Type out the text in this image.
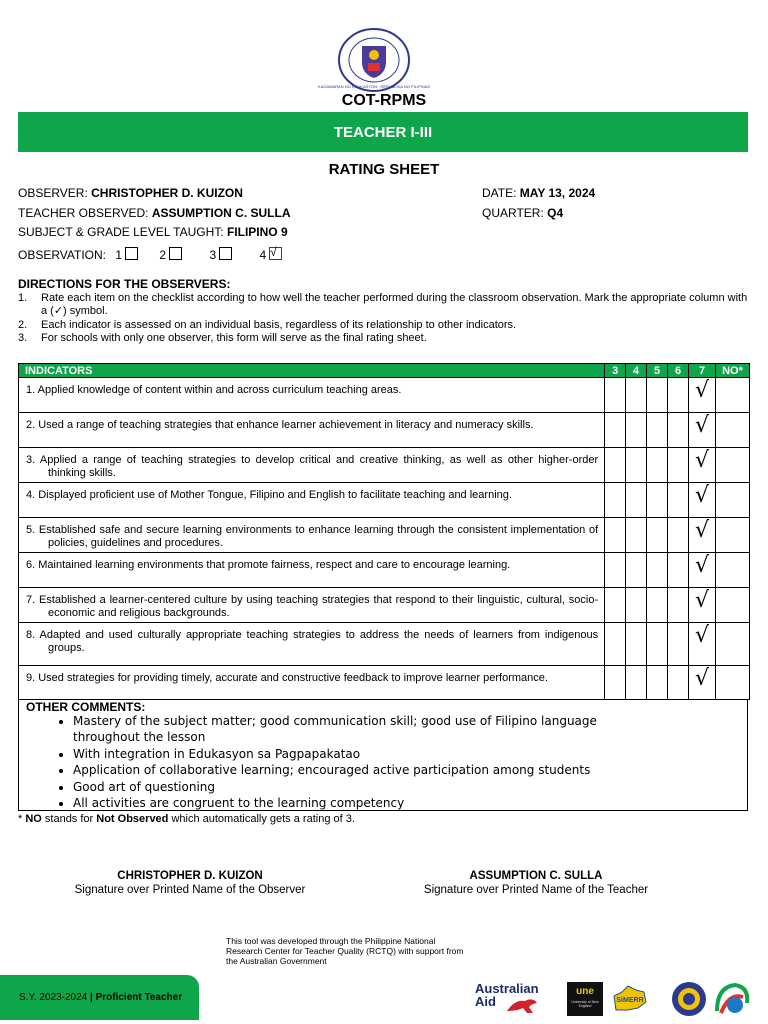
KAGAWARAN NG EDUKASYON · REPUBLIKA NG PILIPINAS
COT-RPMS
TEACHER I-III
RATING SHEET
OBSERVER: CHRISTOPHER D. KUIZON	DATE: MAY 13, 2024
TEACHER OBSERVED: ASSUMPTION C. SULLA	QUARTER: Q4
SUBJECT & GRADE LEVEL TAUGHT: FILIPINO 9
OBSERVATION: 1	2	3	4 √
DIRECTIONS FOR THE OBSERVERS:
1. Rate each item on the checklist according to how well the teacher performed during the classroom observation. Mark the appropriate column with a (✓) symbol.
2. Each indicator is assessed on an individual basis, regardless of its relationship to other indicators.
3. For schools with only one observer, this form will serve as the final rating sheet.
INDICATORS	3	4	5	6	7	NO*

1. Applied knowledge of content within and across curriculum teaching areas.					√	

2. Used a range of teaching strategies that enhance learner achievement in literacy and numeracy skills.					√	

3. Applied a range of teaching strategies to develop critical and creative thinking, as well as other higher-order thinking skills.					√	

4. Displayed proficient use of Mother Tongue, Filipino and English to facilitate teaching and learning.					√	

5. Established safe and secure learning environments to enhance learning through the consistent implementation of policies, guidelines and procedures.					√	

6. Maintained learning environments that promote fairness, respect and care to encourage learning.					√	

7. Established a learner-centered culture by using teaching strategies that respond to their linguistic, cultural, socio-economic and religious backgrounds.					√	

8. Adapted and used culturally appropriate teaching strategies to address the needs of learners from indigenous groups.					√	

9. Used strategies for providing timely, accurate and constructive feedback to improve learner performance.					√	
OTHER COMMENTS:
• Mastery of the subject matter; good communication skill; good use of Filipino language throughout the lesson
• With integration in Edukasyon sa Pagpapakatao
• Application of collaborative learning; encouraged active participation among students
• Good art of questioning
• All activities are congruent to the learning competency
* NO stands for Not Observed which automatically gets a rating of 3.
CHRISTOPHER D. KUIZON
Signature over Printed Name of the Observer
ASSUMPTION C. SULLA
Signature over Printed Name of the Teacher
This tool was developed through the Philippine National Research Center for Teacher Quality (RCTQ) with support from the Australian Government
S.Y. 2023-2024 | Proficient Teacher
Australian
Aid
une
University of New England
SiMERR
